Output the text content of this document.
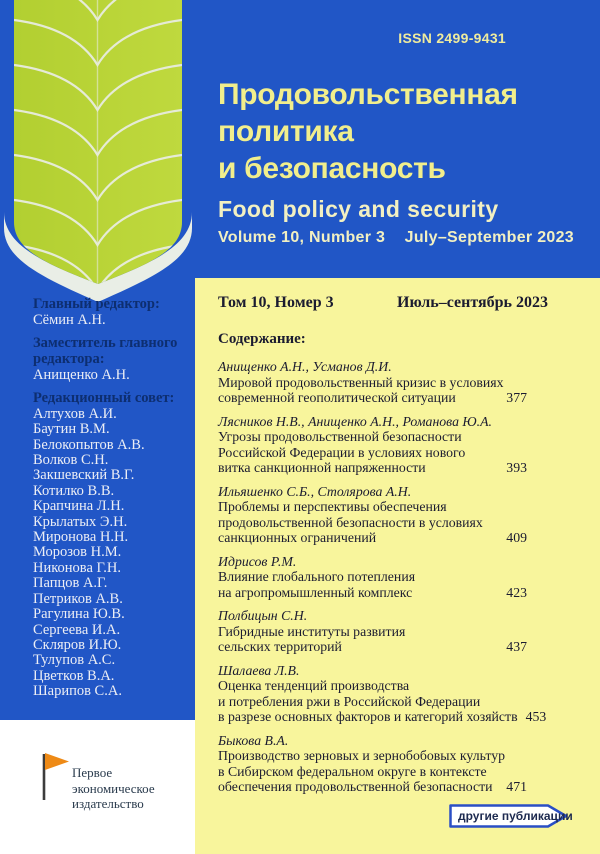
ISSN 2499-9431
Продовольственная
политика
и безопасность
Food policy and security
Volume 10, Number 3 July–September 2023
Главный редактор:
Сёмин А.Н.
Заместитель главного редактора:
Анищенко А.Н.
Редакционный совет:
Алтухов А.И.
Баутин В.М.
Белокопытов А.В.
Волков С.Н.
Закшевский В.Г.
Котилко В.В.
Крапчина Л.Н.
Крылатых Э.Н.
Миронова Н.Н.
Морозов Н.М.
Никонова Г.Н.
Папцов А.Г.
Петриков А.В.
Рагулина Ю.В.
Сергеева И.А.
Скляров И.Ю.
Тулупов А.С.
Цветков В.А.
Шарипов С.А.
Том 10, Номер 3	Июль–сентябрь 2023
Содержание:
Анищенко А.Н., Усманов Д.И.
Мировой продовольственный кризис в условиях
современной геополитической ситуации	377
Лясников Н.В., Анищенко А.Н., Романова Ю.А.
Угрозы продовольственной безопасности
Российской Федерации в условиях нового
витка санкционной напряженности	393
Ильяшенко С.Б., Столярова А.Н.
Проблемы и перспективы обеспечения
продовольственной безопасности в условиях
санкционных ограничений	409
Идрисов Р.М.
Влияние глобального потепления
на агропромышленный комплекс	423
Полбицын С.Н.
Гибридные институты развития
сельских территорий	437
Шалаева Л.В.
Оценка тенденций производства
и потребления ржи в Российской Федерации
в разрезе основных факторов и категорий хозяйств 453
Быкова В.А.
Производство зерновых и зернобобовых культур
в Сибирском федеральном округе в контексте
обеспечения продовольственной безопасности 471
другие публикации
Первое
экономическое
издательство
